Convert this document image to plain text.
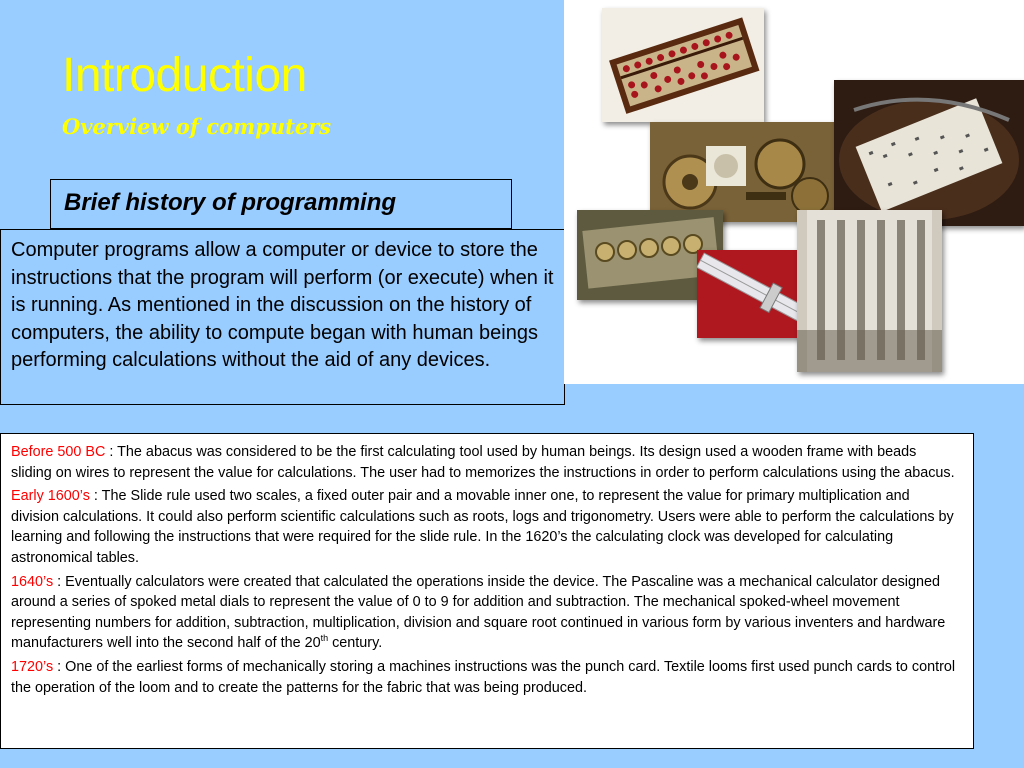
Introduction
Overview of computers
Brief history of programming
Computer programs allow a computer or device to store the instructions that the program will perform (or execute) when it is running. As mentioned in the discussion on the history of computers, the ability to compute began with human beings performing calculations without the aid of any devices.

Before 500 BC : The abacus was considered to be the first calculating tool used by human beings. Its design used a wooden frame with beads sliding on wires to represent the value for calculations. The user had to memorizes the instructions in order to perform calculations using the abacus.

Early 1600’s : The Slide rule used two scales, a fixed outer pair and a movable inner one, to represent the value for primary multiplication and division calculations. It could also perform scientific calculations such as roots, logs and trigonometry. Users were able to perform the calculations by learning and following the instructions that were required for the slide rule. In the 1620’s the calculating clock was developed for calculating astronomical tables.

1640’s : Eventually calculators were created that calculated the operations inside the device. The Pascaline was a mechanical calculator designed around a series of spoked metal dials to represent the value of 0 to 9 for addition and subtraction. The mechanical spoked-wheel movement representing numbers for addition, subtraction, multiplication, division and square root continued in various form by various inventers and hardware manufacturers well into the second half of the 20th century.

1720’s : One of the earliest forms of mechanically storing a machines instructions was the punch card. Textile looms first used punch cards to control the operation of the loom and to create the patterns for the fabric that was being produced.
